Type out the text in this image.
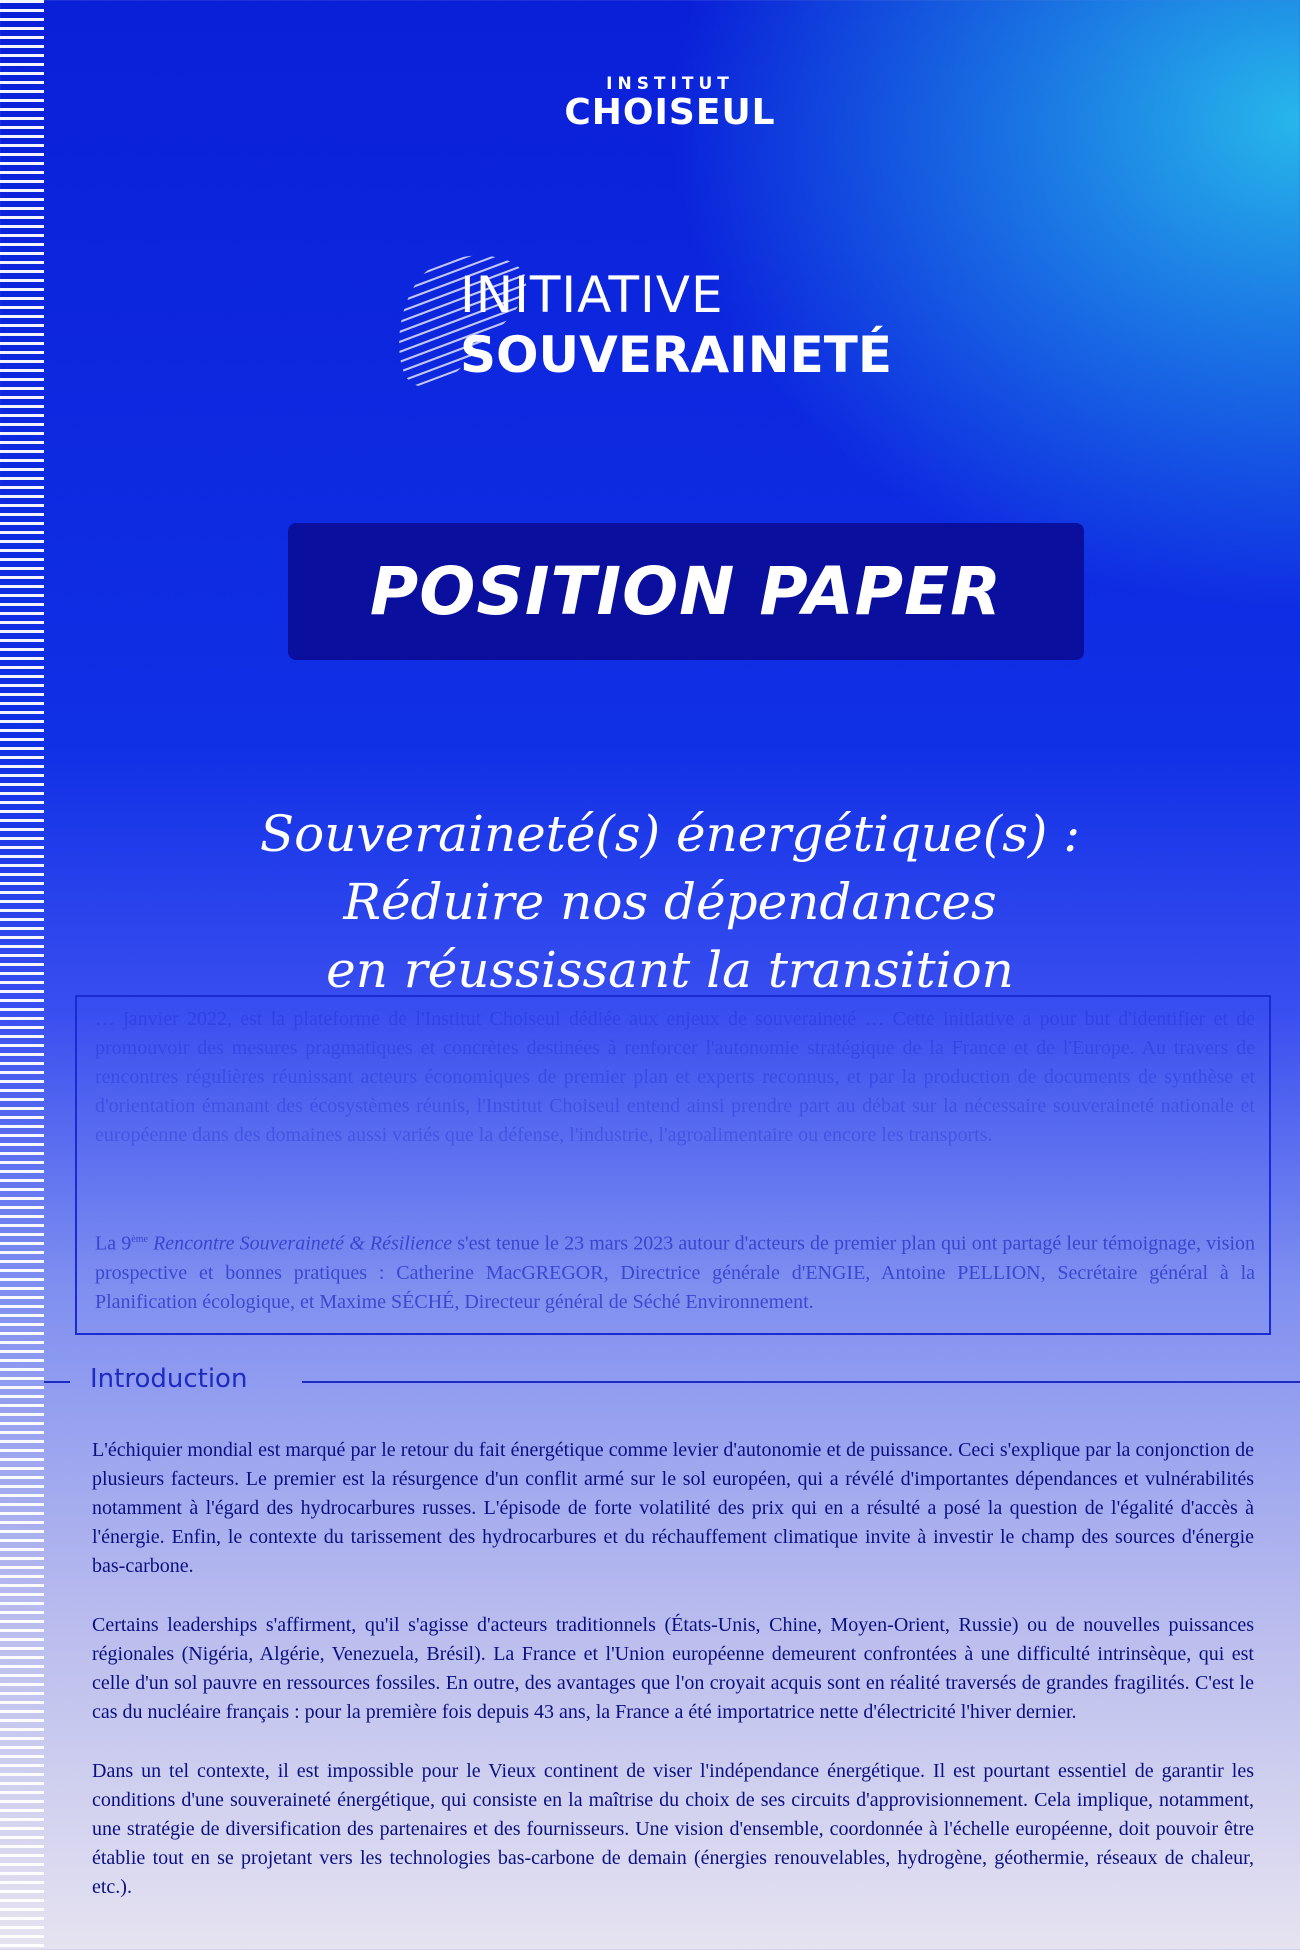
INSTITUT
CHOISEUL
INITIATIVE
SOUVERAINETÉ
POSITION PAPER
Souveraineté(s) énergétique(s) :
Réduire nos dépendances
en réussissant la transition

… janvier 2022, est la plateforme de l'Institut Choiseul dédiée aux enjeux de souveraineté … Cette initiative a pour but d'identifier et de promouvoir des mesures pragmatiques et concrètes destinées à renforcer l'autonomie stratégique de la France et de l'Europe. Au travers de rencontres régulières réunissant acteurs économiques de premier plan et experts reconnus, et par la production de documents de synthèse et d'orientation émanant des écosystèmes réunis, l'Institut Choiseul entend ainsi prendre part au débat sur la nécessaire souveraineté nationale et européenne dans des domaines aussi variés que la défense, l'industrie, l'agroalimentaire ou encore les transports.

La 9ème Rencontre Souveraineté & Résilience s'est tenue le 23 mars 2023 autour d'acteurs de premier plan qui ont partagé leur témoignage, vision prospective et bonnes pratiques : Catherine MacGREGOR, Directrice générale d'ENGIE, Antoine PELLION, Secrétaire général à la Planification écologique, et Maxime SÉCHÉ, Directeur général de Séché Environnement.
Introduction

L'échiquier mondial est marqué par le retour du fait énergétique comme levier d'autonomie et de puissance. Ceci s'explique par la conjonction de plusieurs facteurs. Le premier est la résurgence d'un conflit armé sur le sol européen, qui a révélé d'importantes dépendances et vulnérabilités notamment à l'égard des hydrocarbures russes. L'épisode de forte volatilité des prix qui en a résulté a posé la question de l'égalité d'accès à l'énergie. Enfin, le contexte du tarissement des hydrocarbures et du réchauffement climatique invite à investir le champ des sources d'énergie bas-carbone.

Certains leaderships s'affirment, qu'il s'agisse d'acteurs traditionnels (États-Unis, Chine, Moyen-Orient, Russie) ou de nouvelles puissances régionales (Nigéria, Algérie, Venezuela, Brésil). La France et l'Union européenne demeurent confrontées à une difficulté intrinsèque, qui est celle d'un sol pauvre en ressources fossiles. En outre, des avantages que l'on croyait acquis sont en réalité traversés de grandes fragilités. C'est le cas du nucléaire français : pour la première fois depuis 43 ans, la France a été importatrice nette d'électricité l'hiver dernier.

Dans un tel contexte, il est impossible pour le Vieux continent de viser l'indépendance énergétique. Il est pourtant essentiel de garantir les conditions d'une souveraineté énergétique, qui consiste en la maîtrise du choix de ses circuits d'approvisionnement. Cela implique, notamment, une stratégie de diversification des partenaires et des fournisseurs. Une vision d'ensemble, coordonnée à l'échelle européenne, doit pouvoir être établie tout en se projetant vers les technologies bas-carbone de demain (énergies renouvelables, hydrogène, géothermie, réseaux de chaleur, etc.).
